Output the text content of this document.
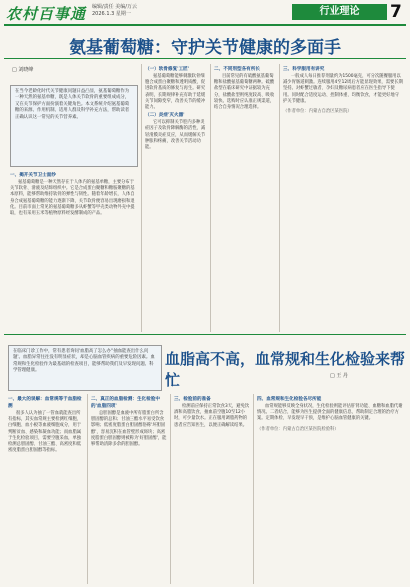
农村百事通 编辑/责任 美编/万云
2026.1.3 星期一	行业理论	7
氨基葡萄糖：守护关节健康的多面手
□ 刘晓峰
在当今老龄化时代关节健康问题日益凸显，氨基葡萄糖作为一种天然的氨基单糖，既是人体关节软骨的重要组成成分，又在关节保护方面扮演着关键角色。本文系统介绍氨基葡萄糖的来源、作用机制、适用人群及科学补充方法，帮助读者正确认识这一常见的关节营养素。

一、揭开关节卫士面纱

氨基葡萄糖是一种天然存在于人体内的氨基单糖，主要分布于关节软骨、滑液及结缔组织中。它是合成蛋白聚糖和糖胺聚糖的基本原料，能够帮助维持软骨的弹性与韧性。随着年龄增长，人体自身合成氨基葡萄糖的能力逐渐下降，关节软骨便容易出现磨损和退化。目前市面上常见的氨基葡萄糖多从虾蟹等甲壳类动物外壳中提取，也有采用玉米等植物原料经发酵制成的产品。

（一）软骨修复'工匠'

氨基葡萄糖能够刺激软骨细胞合成蛋白聚糖和透明质酸，促进软骨基质的修复与再生。研究表明，长期规律补充有助于延缓关节间隙变窄，改善关节的缓冲能力。

（二）炎症'灭火器'

它可以抑制关节腔内多种炎症因子及软骨降解酶的活性，减轻滑膜炎症反应，从而缓解关节肿胀和疼痛，改善关节活动功能。

二、不同剂型各有所长

目前常见的有硫酸氨基葡萄糖和盐酸氨基葡萄糖两种。硫酸盐型在临床研究中证据较为充分，盐酸盐型则纯度较高、吸收较快。选购时应认准正规渠道，结合自身情况合理选择。

三、科学服用有讲究

一般成人每日推荐剂量约为1500毫克，可分次随餐服用以减少胃肠道刺激。连续服用4至12周后方能显现效果，需要长期坚持。对虾蟹过敏者、孕妇及糖尿病患者应在医生指导下使用。同时配合适度运动、控制体重、均衡饮食，才能更好地守护关节健康。

（作者单位：内蒙古自治区某医院）

在临床门诊工作中，常有患者询问'血脂高了怎么办''抽血能查出什么问题'。血脂异常往往没有明显症状，却是心脑血管疾病的重要危险因素。血常规和生化检验作为最基础的检查项目，能够帮助我们及早发现问题、科学管理健康。
血脂高不高，血常规和生化检验来帮忙	□ 王 丹

一、最大的误解：血常规等于血脂检测

很多人认为抽了一管血就能查出所有指标，其实血常规主要检测红细胞、白细胞、血小板等血液细胞成分，用于判断贫血、感染和凝血功能；而血脂属于生化检验项目，需要空腹采血，单独检测总胆固醇、甘油三酯、高密度和低密度脂蛋白胆固醇等指标。

二、真正的血脂检测：生化检验中的'血脂四项'

总胆固醇是血液中所有脂蛋白所含胆固醇的总和；甘油三酯水平易受饮食影响；低密度脂蛋白胆固醇俗称'坏胆固醇'，容易沉积在血管壁形成斑块；高密度脂蛋白胆固醇则被称为'好胆固醇'，能够帮助清除多余的胆固醇。

三、检验前的准备

检测前应保持正常饮食3天，避免饮酒和高脂饮食，抽血前空腹10至12小时，可少量饮水。正在服用调脂药物的患者应告知医生，以便正确解读结果。

四、血常规和生化检验各尽所能

血常规能够反映全身状况，生化检验则能评估肝肾功能、血糖和血脂代谢情况。二者结合，能够为医生提供全面的健康信息，帮助制定合理的治疗方案。定期体检、早发现早干预，是维护心脑血管健康的关键。

（作者单位：内蒙古自治区某医院检验科）
